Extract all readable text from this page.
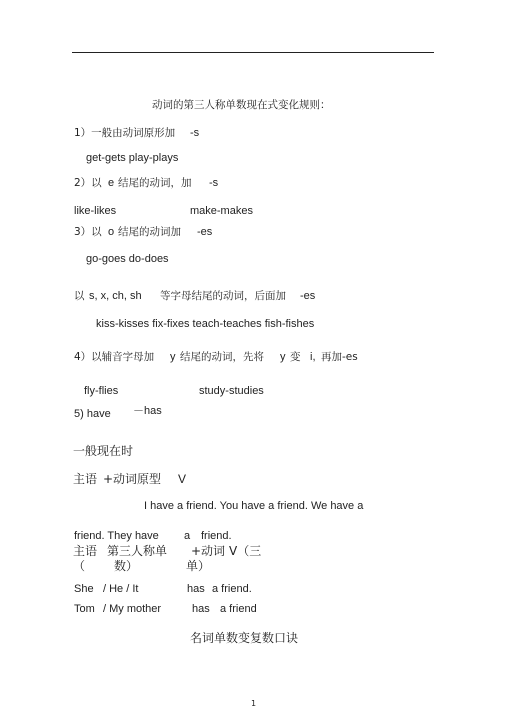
动词的第三人称单数现在式变化规则：
1）一般由动词原形加 -s
get-gets play-plays
2）以 e 结尾的动词，加 -s
like-likes	make-makes
3）以 o 结尾的动词加 -es
go-goes do-does
以 s, x, ch, sh 等字母结尾的动词，后面加 -es
kiss-kisses fix-fixes teach-teaches fish-fishes
4）以辅音字母加 y 结尾的动词，先将 y 变 i, 再加-es
fly-flies	study-studies
5) have －has
一般现在时
主语 +动词原型 V
I have a friend. You have a friend. We have a
friend. They have a friend.
主语 第三人称单 +动词 V（三
（ 数）	单）
She / He / It	has a friend.
Tom / My mother	has a friend
名词单数变复数口诀
1
